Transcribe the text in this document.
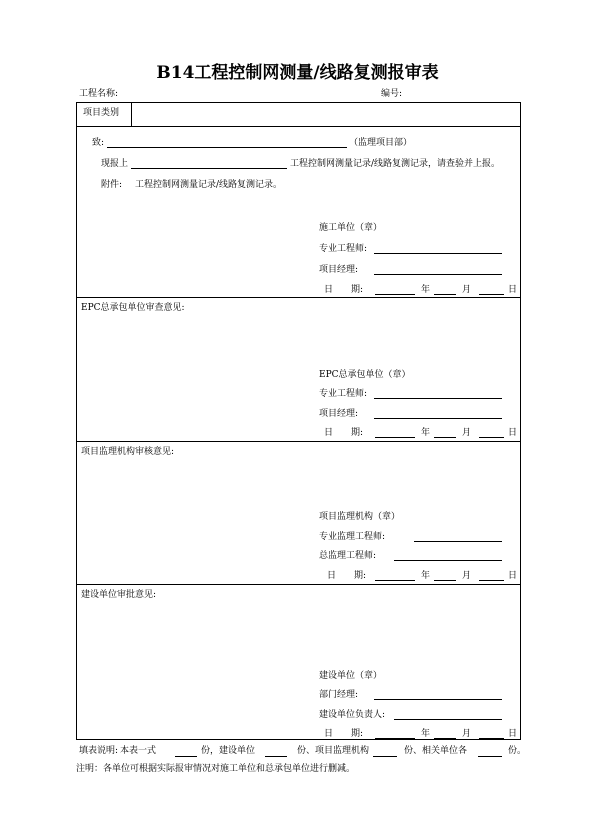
B14工程控制网测量/线路复测报审表
工程名称:	编号:
项目类别
致:	（监理项目部）
现报上	工程控制网测量记录/线路复测记录，请查验并上报。
附件: 工程控制网测量记录/线路复测记录。
施工单位（章）
专业工程师:
项目经理:
日　　期:	年	月	日
EPC总承包单位审查意见:
EPC总承包单位（章）
专业工程师:
项目经理:
日　　期:	年	月	日
项目监理机构审核意见:
项目监理机构（章）
专业监理工程师:
总监理工程师:
日　　期:	年	月	日
建设单位审批意见:
建设单位（章）
部门经理:
建设单位负责人:
日　　期:	年	月	日
填表说明: 本表一式	份，建设单位	份、项目监理机构	份、相关单位各	份。
注明：各单位可根据实际报审情况对施工单位和总承包单位进行删减。
